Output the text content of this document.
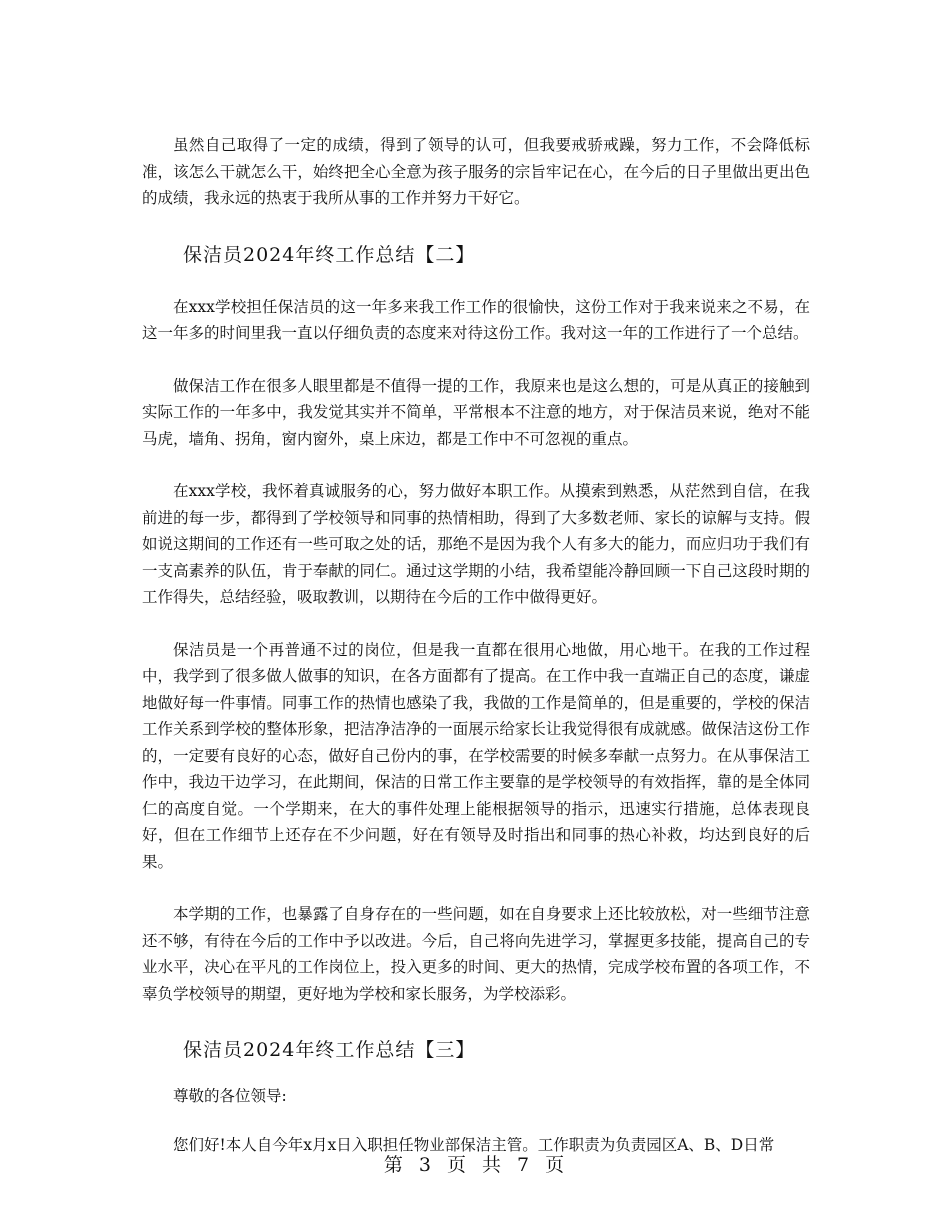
虽然自己取得了一定的成绩，得到了领导的认可，但我要戒骄戒躁，努力工作，不会降低标准，该怎么干就怎么干，始终把全心全意为孩子服务的宗旨牢记在心，在今后的日子里做出更出色的成绩，我永远的热衷于我所从事的工作并努力干好它。

保洁员2024年终工作总结【二】

在xxx学校担任保洁员的这一年多来我工作工作的很愉快，这份工作对于我来说来之不易，在这一年多的时间里我一直以仔细负责的态度来对待这份工作。我对这一年的工作进行了一个总结。

做保洁工作在很多人眼里都是不值得一提的工作，我原来也是这么想的，可是从真正的接触到实际工作的一年多中，我发觉其实并不简单，平常根本不注意的地方，对于保洁员来说，绝对不能马虎，墙角、拐角，窗内窗外，桌上床边，都是工作中不可忽视的重点。

在xxx学校，我怀着真诚服务的心，努力做好本职工作。从摸索到熟悉，从茫然到自信，在我前进的每一步，都得到了学校领导和同事的热情相助，得到了大多数老师、家长的谅解与支持。假如说这期间的工作还有一些可取之处的话，那绝不是因为我个人有多大的能力，而应归功于我们有一支高素养的队伍，肯于奉献的同仁。通过这学期的小结，我希望能冷静回顾一下自己这段时期的工作得失，总结经验，吸取教训，以期待在今后的工作中做得更好。

保洁员是一个再普通不过的岗位，但是我一直都在很用心地做，用心地干。在我的工作过程中，我学到了很多做人做事的知识，在各方面都有了提高。在工作中我一直端正自己的态度，谦虚地做好每一件事情。同事工作的热情也感染了我，我做的工作是简单的，但是重要的，学校的保洁工作关系到学校的整体形象，把洁净洁净的一面展示给家长让我觉得很有成就感。做保洁这份工作的，一定要有良好的心态，做好自己份内的事，在学校需要的时候多奉献一点努力。在从事保洁工作中，我边干边学习，在此期间，保洁的日常工作主要靠的是学校领导的有效指挥，靠的是全体同仁的高度自觉。一个学期来，在大的事件处理上能根据领导的指示，迅速实行措施，总体表现良好，但在工作细节上还存在不少问题，好在有领导及时指出和同事的热心补救，均达到良好的后果。

本学期的工作，也暴露了自身存在的一些问题，如在自身要求上还比较放松，对一些细节注意还不够，有待在今后的工作中予以改进。今后，自己将向先进学习，掌握更多技能，提高自己的专业水平，决心在平凡的工作岗位上，投入更多的时间、更大的热情，完成学校布置的各项工作，不辜负学校领导的期望，更好地为学校和家长服务，为学校添彩。

保洁员2024年终工作总结【三】

尊敬的各位领导:

您们好!本人自今年x月x日入职担任物业部保洁主管。工作职责为负责园区A、B、D日常

第 3 页 共 7 页
